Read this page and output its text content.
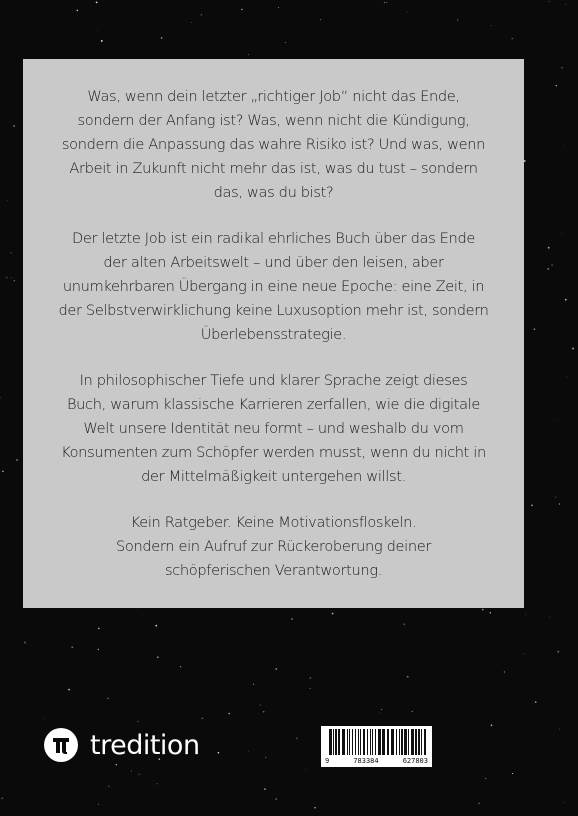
Was, wenn dein letzter „richtiger Job“ nicht das Ende,
sondern der Anfang ist? Was, wenn nicht die Kündigung,
sondern die Anpassung das wahre Risiko ist? Und was, wenn
Arbeit in Zukunft nicht mehr das ist, was du tust – sondern
das, was du bist?

Der letzte Job ist ein radikal ehrliches Buch über das Ende
der alten Arbeitswelt – und über den leisen, aber
unumkehrbaren Übergang in eine neue Epoche: eine Zeit, in
der Selbstverwirklichung keine Luxusoption mehr ist, sondern
Überlebensstrategie.

In philosophischer Tiefe und klarer Sprache zeigt dieses
Buch, warum klassische Karrieren zerfallen, wie die digitale
Welt unsere Identität neu formt – und weshalb du vom
Konsumenten zum Schöpfer werden musst, wenn du nicht in
der Mittelmäßigkeit untergehen willst.

Kein Ratgeber. Keine Motivationsfloskeln.
Sondern ein Aufruf zur Rückeroberung deiner
schöpferischen Verantwortung.

tredition
9	783384	627803
